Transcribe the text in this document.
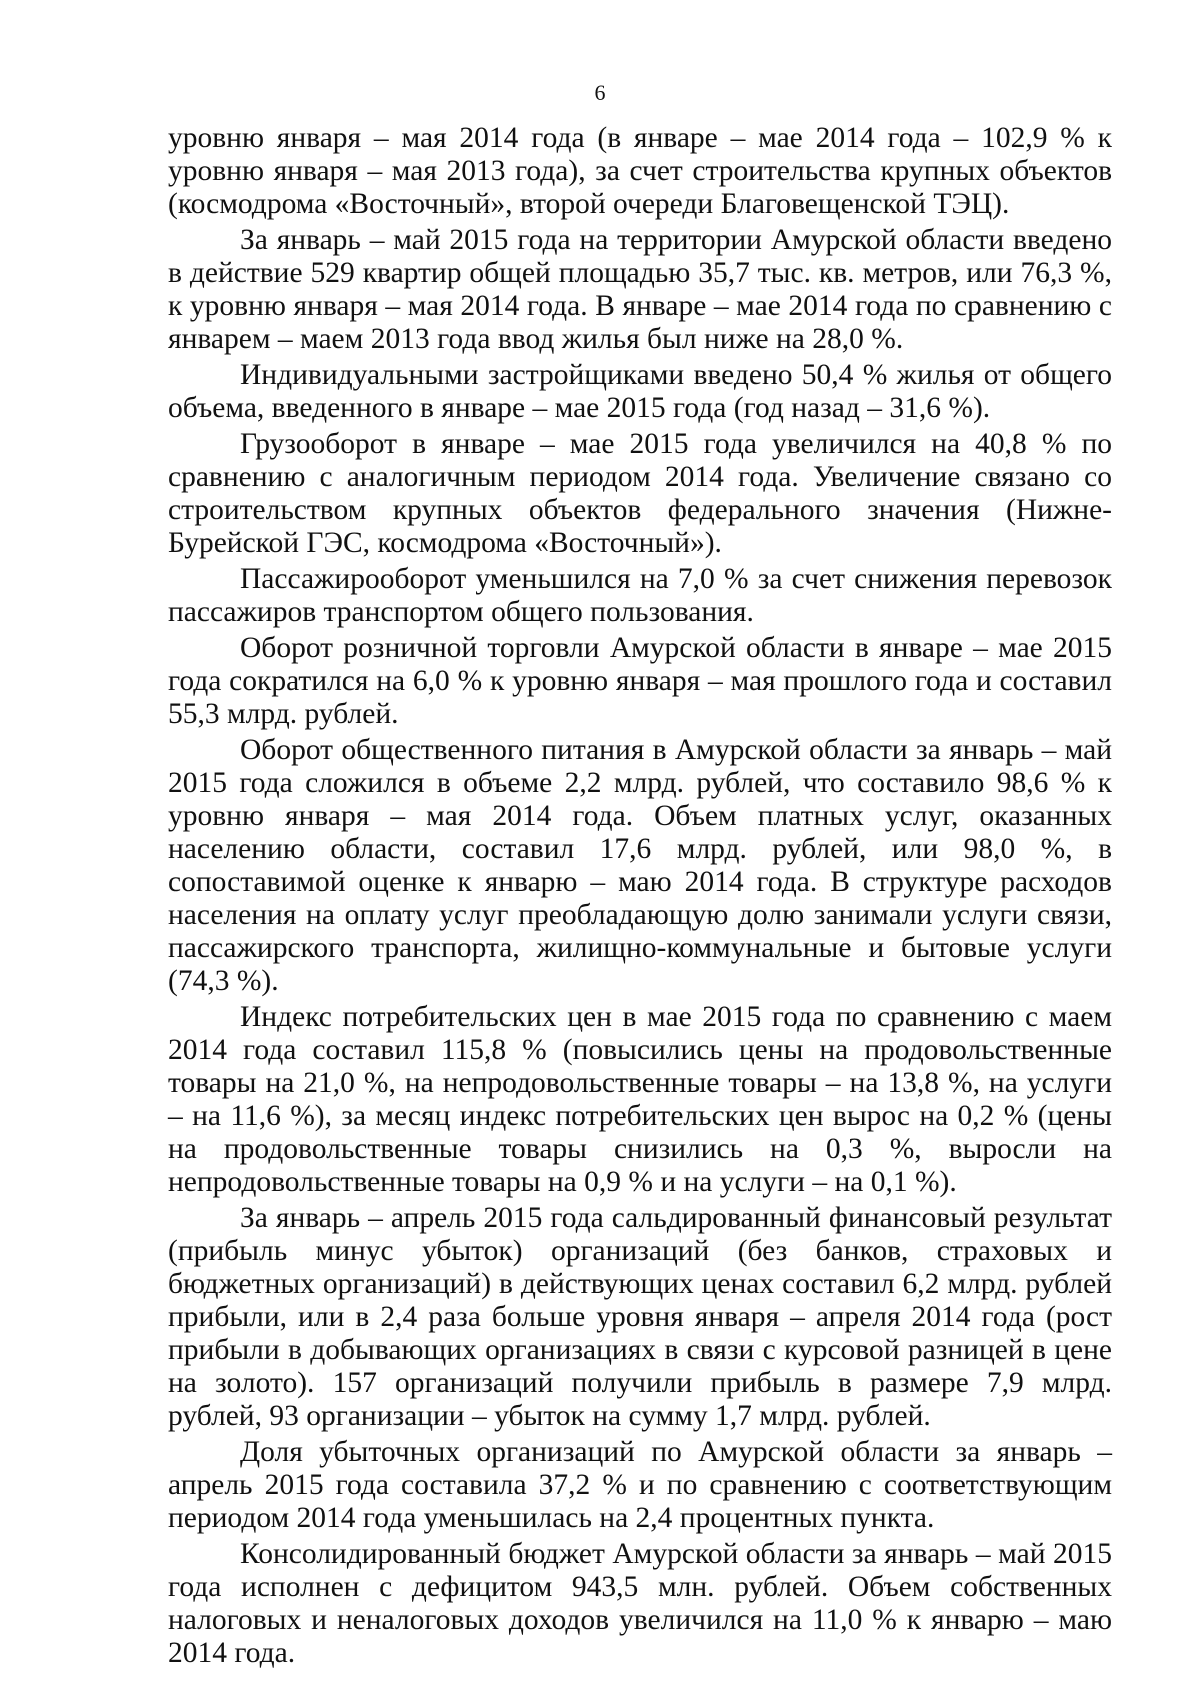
6

уровню января – мая 2014 года (в январе – мае 2014 года – 102,9 % к уровню января – мая 2013 года), за счет строительства крупных объектов (космодрома «Восточный», второй очереди Благовещенской ТЭЦ).

За январь – май 2015 года на территории Амурской области введено в действие 529 квартир общей площадью 35,7 тыс. кв. метров, или 76,3 %, к уровню января – мая 2014 года. В январе – мае 2014 года по сравнению с январем – маем 2013 года ввод жилья был ниже на 28,0 %.

Индивидуальными застройщиками введено 50,4 % жилья от общего объема, введенного в январе – мае 2015 года (год назад – 31,6 %).

Грузооборот в январе – мае 2015 года увеличился на 40,8 % по сравнению с аналогичным периодом 2014 года. Увеличение связано со строительством крупных объектов федерального значения (Нижне-Бурейской ГЭС, космодрома «Восточный»).

Пассажирооборот уменьшился на 7,0 % за счет снижения перевозок пассажиров транспортом общего пользования.

Оборот розничной торговли Амурской области в январе – мае 2015 года сократился на 6,0 % к уровню января – мая прошлого года и составил 55,3 млрд. рублей.

Оборот общественного питания в Амурской области за январь – май 2015 года сложился в объеме 2,2 млрд. рублей, что составило 98,6 % к уровню января – мая 2014 года. Объем платных услуг, оказанных населению области, составил 17,6 млрд. рублей, или 98,0 %, в сопоставимой оценке к январю – маю 2014 года. В структуре расходов населения на оплату услуг преобладающую долю занимали услуги связи, пассажирского транспорта, жилищно-коммунальные и бытовые услуги (74,3 %).

Индекс потребительских цен в мае 2015 года по сравнению с маем 2014 года составил 115,8 % (повысились цены на продовольственные товары на 21,0 %, на непродовольственные товары – на 13,8 %, на услуги – на 11,6 %), за месяц индекс потребительских цен вырос на 0,2 % (цены на продовольственные товары снизились на 0,3 %, выросли на непродовольственные товары на 0,9 % и на услуги – на 0,1 %).

За январь – апрель 2015 года сальдированный финансовый результат (прибыль минус убыток) организаций (без банков, страховых и бюджетных организаций) в действующих ценах составил 6,2 млрд. рублей прибыли, или в 2,4 раза больше уровня января – апреля 2014 года (рост прибыли в добывающих организациях в связи с курсовой разницей в цене на золото). 157 организаций получили прибыль в размере 7,9 млрд. рублей, 93 организации – убыток на сумму 1,7 млрд. рублей.

Доля убыточных организаций по Амурской области за январь – апрель 2015 года составила 37,2 % и по сравнению с соответствующим периодом 2014 года уменьшилась на 2,4 процентных пункта.

Консолидированный бюджет Амурской области за январь – май 2015 года исполнен с дефицитом 943,5 млн. рублей. Объем собственных налоговых и неналоговых доходов увеличился на 11,0 % к январю – маю 2014 года.
